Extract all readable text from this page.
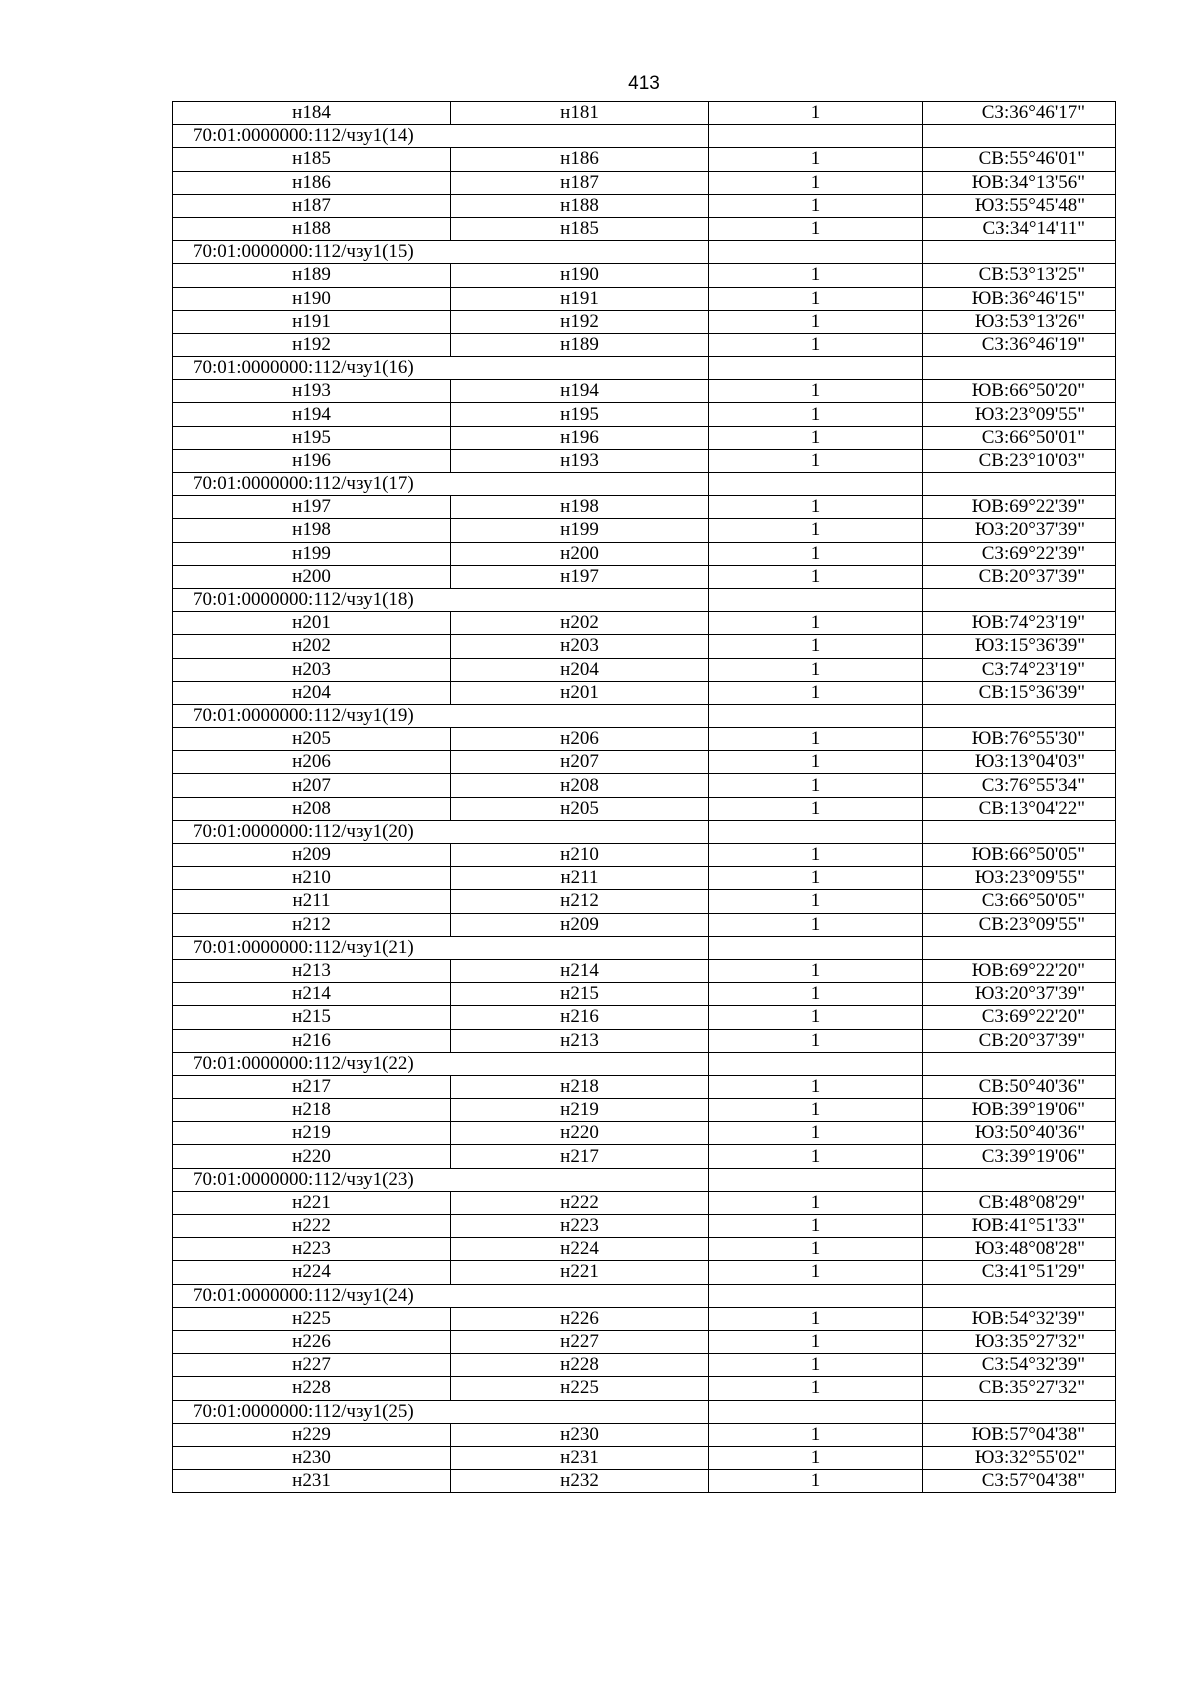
413
н184	н181	1	СЗ:36°46'17"
70:01:0000000:112/чзу1(14)			
н185	н186	1	СВ:55°46'01"
н186	н187	1	ЮВ:34°13'56"
н187	н188	1	ЮЗ:55°45'48"
н188	н185	1	СЗ:34°14'11"
70:01:0000000:112/чзу1(15)			
н189	н190	1	СВ:53°13'25"
н190	н191	1	ЮВ:36°46'15"
н191	н192	1	ЮЗ:53°13'26"
н192	н189	1	СЗ:36°46'19"
70:01:0000000:112/чзу1(16)			
н193	н194	1	ЮВ:66°50'20"
н194	н195	1	ЮЗ:23°09'55"
н195	н196	1	СЗ:66°50'01"
н196	н193	1	СВ:23°10'03"
70:01:0000000:112/чзу1(17)			
н197	н198	1	ЮВ:69°22'39"
н198	н199	1	ЮЗ:20°37'39"
н199	н200	1	СЗ:69°22'39"
н200	н197	1	СВ:20°37'39"
70:01:0000000:112/чзу1(18)			
н201	н202	1	ЮВ:74°23'19"
н202	н203	1	ЮЗ:15°36'39"
н203	н204	1	СЗ:74°23'19"
н204	н201	1	СВ:15°36'39"
70:01:0000000:112/чзу1(19)			
н205	н206	1	ЮВ:76°55'30"
н206	н207	1	ЮЗ:13°04'03"
н207	н208	1	СЗ:76°55'34"
н208	н205	1	СВ:13°04'22"
70:01:0000000:112/чзу1(20)			
н209	н210	1	ЮВ:66°50'05"
н210	н211	1	ЮЗ:23°09'55"
н211	н212	1	СЗ:66°50'05"
н212	н209	1	СВ:23°09'55"
70:01:0000000:112/чзу1(21)			
н213	н214	1	ЮВ:69°22'20"
н214	н215	1	ЮЗ:20°37'39"
н215	н216	1	СЗ:69°22'20"
н216	н213	1	СВ:20°37'39"
70:01:0000000:112/чзу1(22)			
н217	н218	1	СВ:50°40'36"
н218	н219	1	ЮВ:39°19'06"
н219	н220	1	ЮЗ:50°40'36"
н220	н217	1	СЗ:39°19'06"
70:01:0000000:112/чзу1(23)			
н221	н222	1	СВ:48°08'29"
н222	н223	1	ЮВ:41°51'33"
н223	н224	1	ЮЗ:48°08'28"
н224	н221	1	СЗ:41°51'29"
70:01:0000000:112/чзу1(24)			
н225	н226	1	ЮВ:54°32'39"
н226	н227	1	ЮЗ:35°27'32"
н227	н228	1	СЗ:54°32'39"
н228	н225	1	СВ:35°27'32"
70:01:0000000:112/чзу1(25)			
н229	н230	1	ЮВ:57°04'38"
н230	н231	1	ЮЗ:32°55'02"
н231	н232	1	СЗ:57°04'38"
